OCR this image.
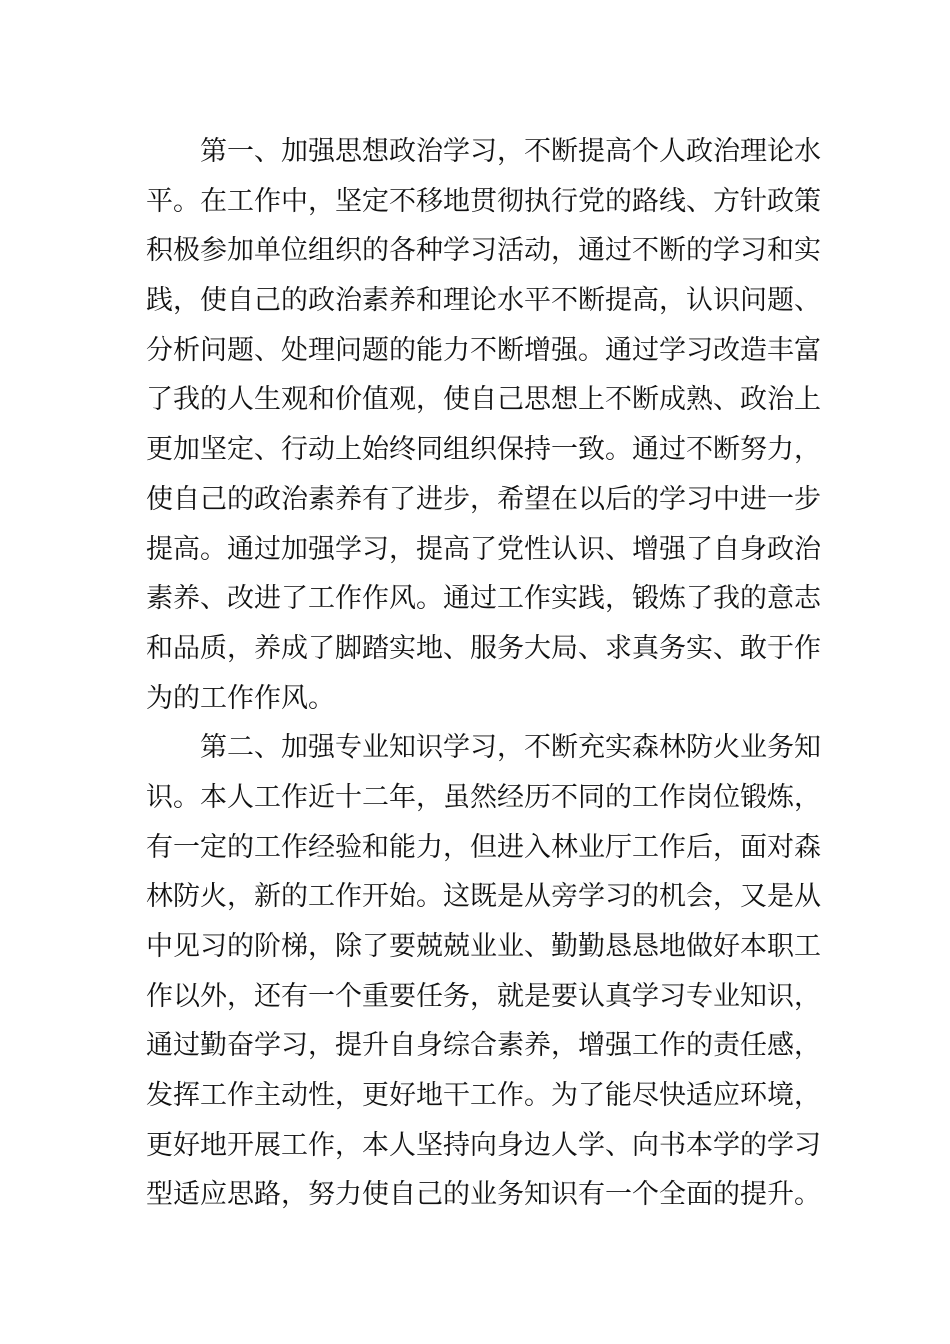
第一、加强思想政治学习，不断提高个人政治理论水
平。在工作中，坚定不移地贯彻执行党的路线、方针政策
积极参加单位组织的各种学习活动，通过不断的学习和实
践，使自己的政治素养和理论水平不断提高，认识问题、
分析问题、处理问题的能力不断增强。通过学习改造丰富
了我的人生观和价值观，使自己思想上不断成熟、政治上
更加坚定、行动上始终同组织保持一致。通过不断努力，
使自己的政治素养有了进步，希望在以后的学习中进一步
提高。通过加强学习，提高了党性认识、增强了自身政治
素养、改进了工作作风。通过工作实践，锻炼了我的意志
和品质，养成了脚踏实地、服务大局、求真务实、敢于作
为的工作作风。
第二、加强专业知识学习，不断充实森林防火业务知
识。本人工作近十二年，虽然经历不同的工作岗位锻炼，
有一定的工作经验和能力，但进入林业厅工作后，面对森
林防火，新的工作开始。这既是从旁学习的机会，又是从
中见习的阶梯，除了要兢兢业业、勤勤恳恳地做好本职工
作以外，还有一个重要任务，就是要认真学习专业知识，
通过勤奋学习，提升自身综合素养，增强工作的责任感，
发挥工作主动性，更好地干工作。为了能尽快适应环境，
更好地开展工作，本人坚持向身边人学、向书本学的学习
型适应思路，努力使自己的业务知识有一个全面的提升。
